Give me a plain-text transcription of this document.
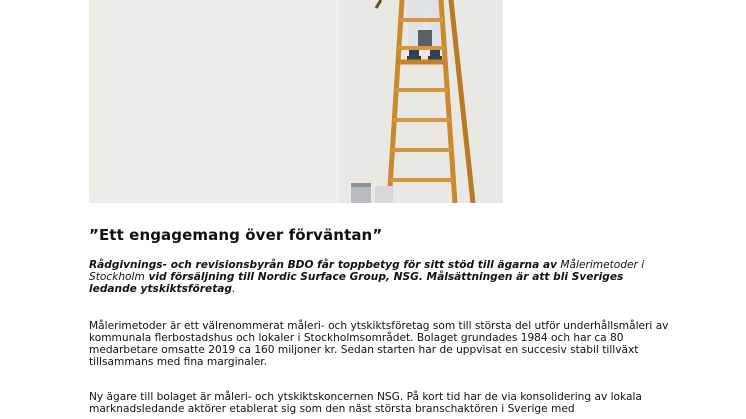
”Ett engagemang över förväntan”

Rådgivnings- och revisionsbyrån BDO får toppbetyg för sitt stöd till ägarna av Målerimetoder i Stockholm vid försäljning till Nordic Surface Group, NSG. Målsättningen är att bli Sveriges ledande ytskiktsföretag.

Målerimetoder är ett välrenommerat måleri- och ytskiktsföretag som till största del utför underhållsmåleri av kommunala flerbostadshus och lokaler i Stockholmsområdet. Bolaget grundades 1984 och har ca 80 medarbetare omsatte 2019 ca 160 miljoner kr. Sedan starten har de uppvisat en succesiv stabil tillväxt tillsammans med fina marginaler.

Ny ägare till bolaget är måleri- och ytskiktskoncernen NSG. På kort tid har de via konsolidering av lokala marknadsledande aktörer etablerat sig som den näst största branschaktören i Sverige med
